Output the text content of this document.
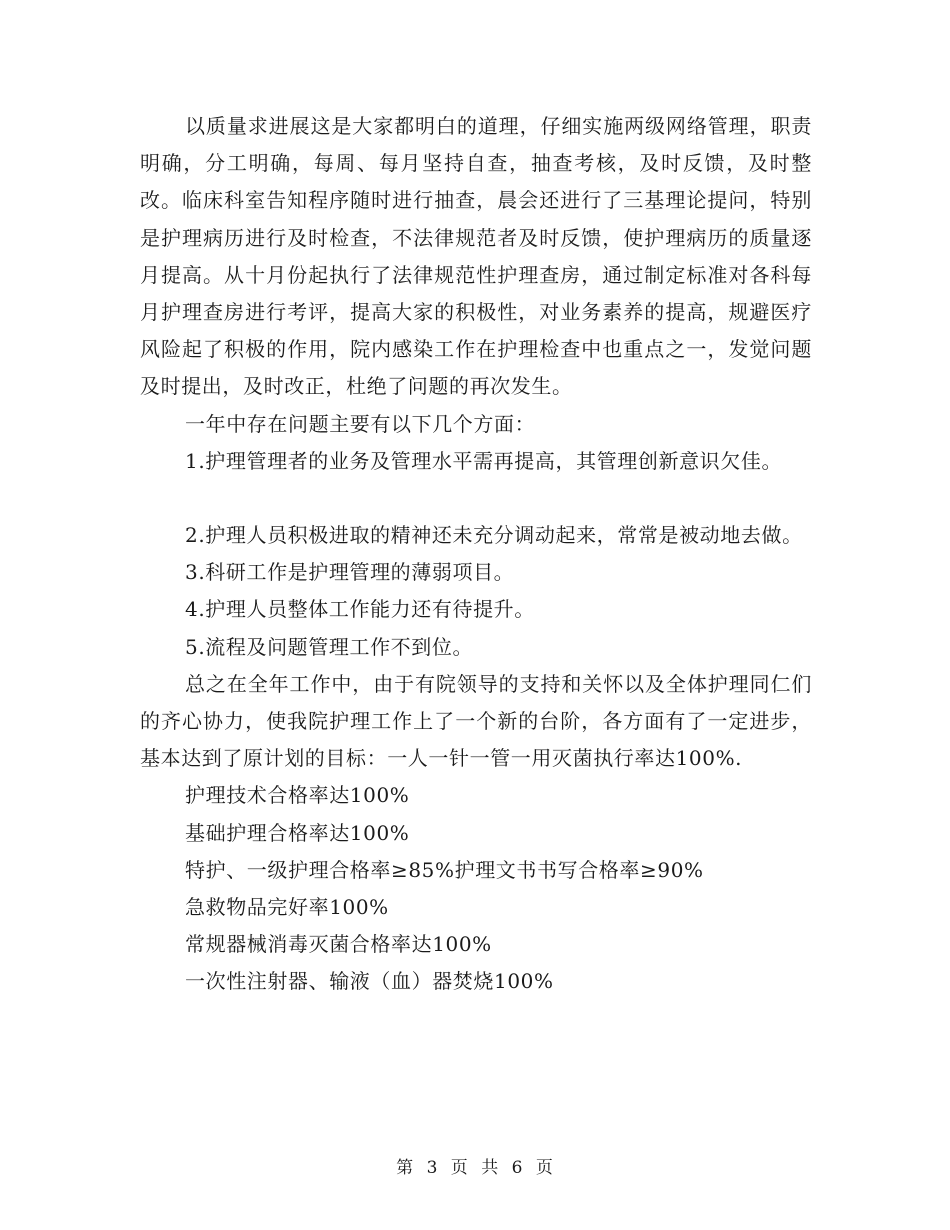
以质量求进展这是大家都明白的道理，仔细实施两级网络管理，职责明确，分工明确，每周、每月坚持自查，抽查考核，及时反馈，及时整改。临床科室告知程序随时进行抽查，晨会还进行了三基理论提问，特别是护理病历进行及时检查，不法律规范者及时反馈，使护理病历的质量逐月提高。从十月份起执行了法律规范性护理查房，通过制定标准对各科每月护理查房进行考评，提高大家的积极性，对业务素养的提高，规避医疗风险起了积极的作用，院内感染工作在护理检查中也重点之一，发觉问题及时提出，及时改正，杜绝了问题的再次发生。

一年中存在问题主要有以下几个方面：

1.护理管理者的业务及管理水平需再提高，其管理创新意识欠佳。

2.护理人员积极进取的精神还未充分调动起来，常常是被动地去做。

3.科研工作是护理管理的薄弱项目。

4.护理人员整体工作能力还有待提升。

5.流程及问题管理工作不到位。

总之在全年工作中，由于有院领导的支持和关怀以及全体护理同仁们的齐心协力，使我院护理工作上了一个新的台阶，各方面有了一定进步，基本达到了原计划的目标：一人一针一管一用灭菌执行率达100%.

护理技术合格率达100%

基础护理合格率达100%

特护、一级护理合格率≥85%护理文书书写合格率≥90%

急救物品完好率100%

常规器械消毒灭菌合格率达100%

一次性注射器、输液（血）器焚烧100%

第 3 页 共 6 页
